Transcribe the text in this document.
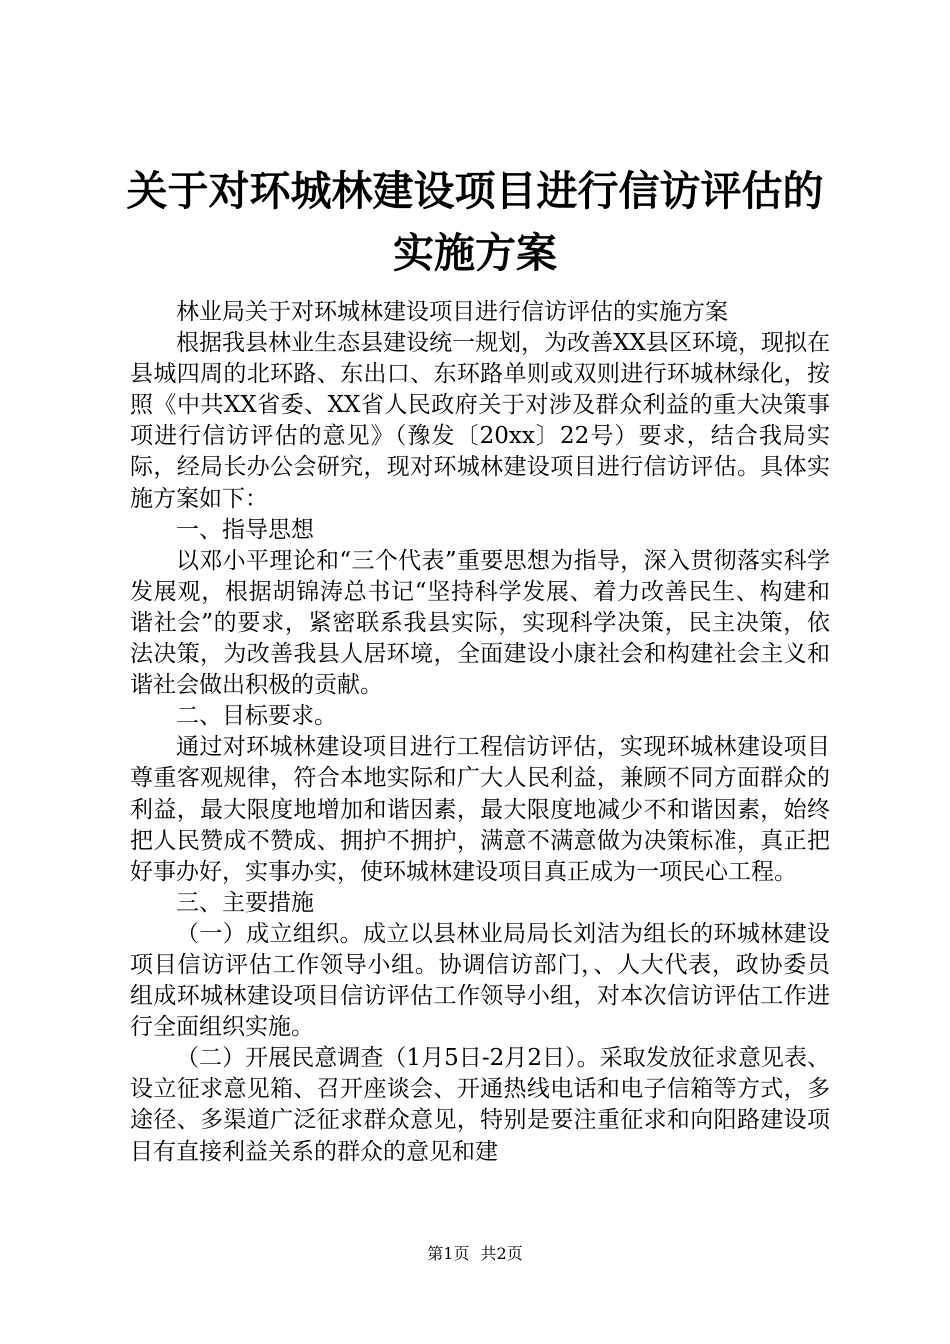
关于对环城林建设项目进行信访评估的实施方案

林业局关于对环城林建设项目进行信访评估的实施方案

根据我县林业生态县建设统一规划，为改善XX县区环境，现拟在县城四周的北环路、东出口、东环路单则或双则进行环城林绿化，按照《中共XX省委、XX省人民政府关于对涉及群众利益的重大决策事项进行信访评估的意见》（豫发〔20xx〕22号）要求，结合我局实际，经局长办公会研究，现对环城林建设项目进行信访评估。具体实施方案如下：

一、指导思想

以邓小平理论和“三个代表”重要思想为指导，深入贯彻落实科学发展观，根据胡锦涛总书记“坚持科学发展、着力改善民生、构建和谐社会”的要求，紧密联系我县实际，实现科学决策，民主决策，依法决策，为改善我县人居环境，全面建设小康社会和构建社会主义和谐社会做出积极的贡献。

二、目标要求。

通过对环城林建设项目进行工程信访评估，实现环城林建设项目尊重客观规律，符合本地实际和广大人民利益，兼顾不同方面群众的利益，最大限度地增加和谐因素，最大限度地减少不和谐因素，始终把人民赞成不赞成、拥护不拥护，满意不满意做为决策标准，真正把好事办好，实事办实，使环城林建设项目真正成为一项民心工程。

三、主要措施

（一）成立组织。成立以县林业局局长刘洁为组长的环城林建设项目信访评估工作领导小组。协调信访部门，、人大代表，政协委员组成环城林建设项目信访评估工作领导小组，对本次信访评估工作进行全面组织实施。

（二）开展民意调查（1月5日-2月2日）。采取发放征求意见表、设立征求意见箱、召开座谈会、开通热线电话和电子信箱等方式，多途径、多渠道广泛征求群众意见，特别是要注重征求和向阳路建设项目有直接利益关系的群众的意见和建

第1页 共2页
